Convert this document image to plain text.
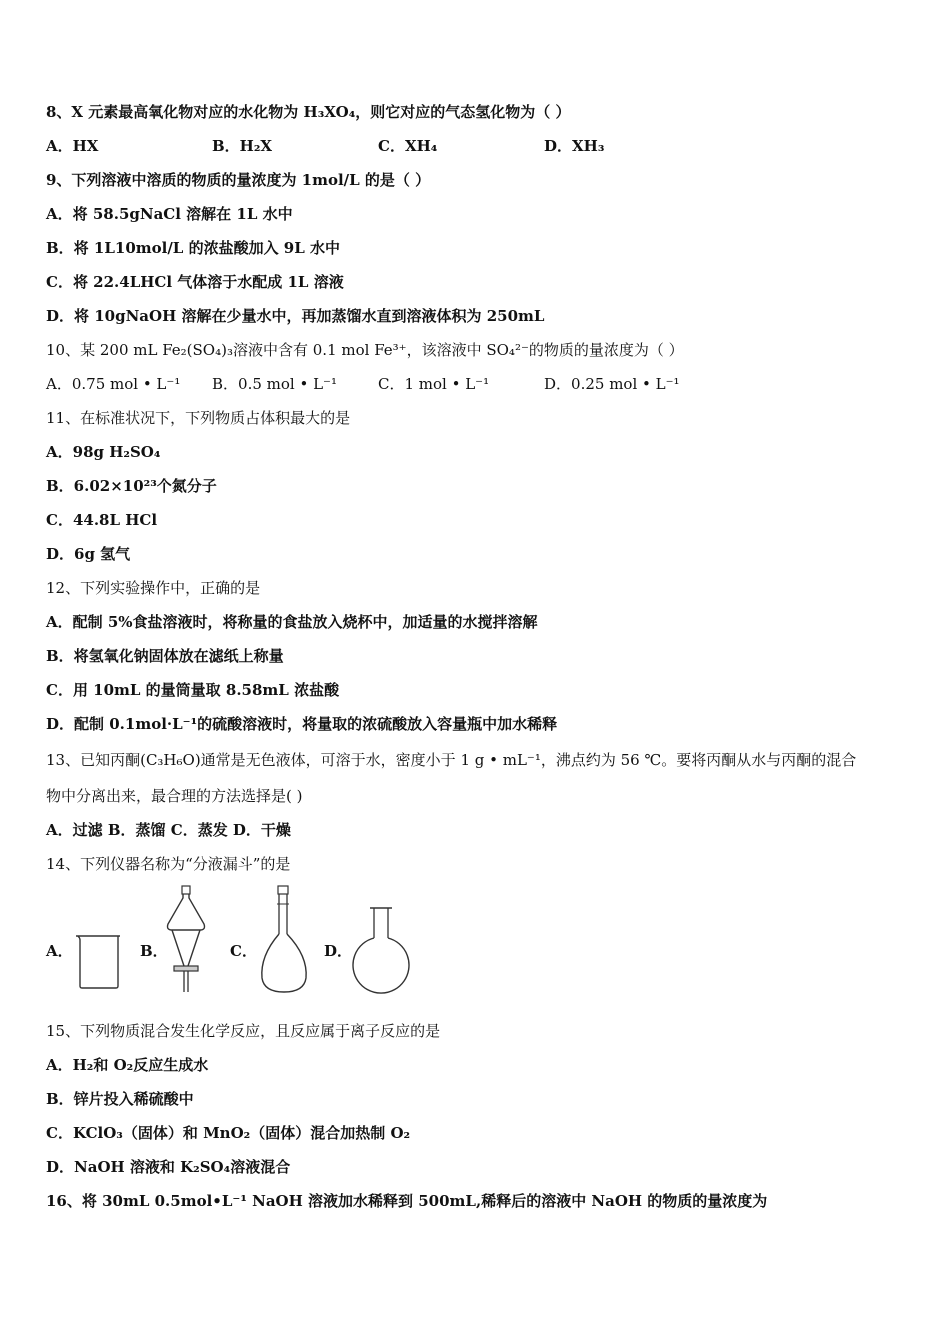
8、X 元素最高氧化物对应的水化物为 H₃XO₄，则它对应的气态氢化物为（ ）
A．HX	B．H₂X	C．XH₄	D．XH₃
9、下列溶液中溶质的物质的量浓度为 1mol/L 的是（ ）
A．将 58.5gNaCl 溶解在 1L 水中
B．将 1L10mol/L 的浓盐酸加入 9L 水中
C．将 22.4LHCl 气体溶于水配成 1L 溶液
D．将 10gNaOH 溶解在少量水中，再加蒸馏水直到溶液体积为 250mL
10、某 200 mL Fe₂(SO₄)₃溶液中含有 0.1 mol Fe³⁺，该溶液中 SO₄²⁻的物质的量浓度为（ ）
A．0.75 mol • L⁻¹ B．0.5 mol • L⁻¹	C．1 mol • L⁻¹	D．0.25 mol • L⁻¹
11、在标准状况下，下列物质占体积最大的是
A．98g H₂SO₄
B．6.02×10²³个氮分子
C．44.8L HCl
D．6g 氢气
12、下列实验操作中，正确的是
A．配制 5%食盐溶液时，将称量的食盐放入烧杯中，加适量的水搅拌溶解
B．将氢氧化钠固体放在滤纸上称量
C．用 10mL 的量筒量取 8.58mL 浓盐酸
D．配制 0.1mol·L⁻¹的硫酸溶液时，将量取的浓硫酸放入容量瓶中加水稀释
13、已知丙酮(C₃H₆O)通常是无色液体，可溶于水，密度小于 1 g • mL⁻¹，沸点约为 56 ℃。要将丙酮从水与丙酮的混合
物中分离出来，最合理的方法选择是( )
A．过滤 B．蒸馏 C．蒸发 D．干燥
14、下列仪器名称为“分液漏斗”的是
A．	B．	C．	D．
15、下列物质混合发生化学反应，且反应属于离子反应的是
A．H₂和 O₂反应生成水
B．锌片投入稀硫酸中
C．KClO₃（固体）和 MnO₂（固体）混合加热制 O₂
D．NaOH 溶液和 K₂SO₄溶液混合
16、将 30mL 0.5mol•L⁻¹ NaOH 溶液加水稀释到 500mL,稀释后的溶液中 NaOH 的物质的量浓度为
